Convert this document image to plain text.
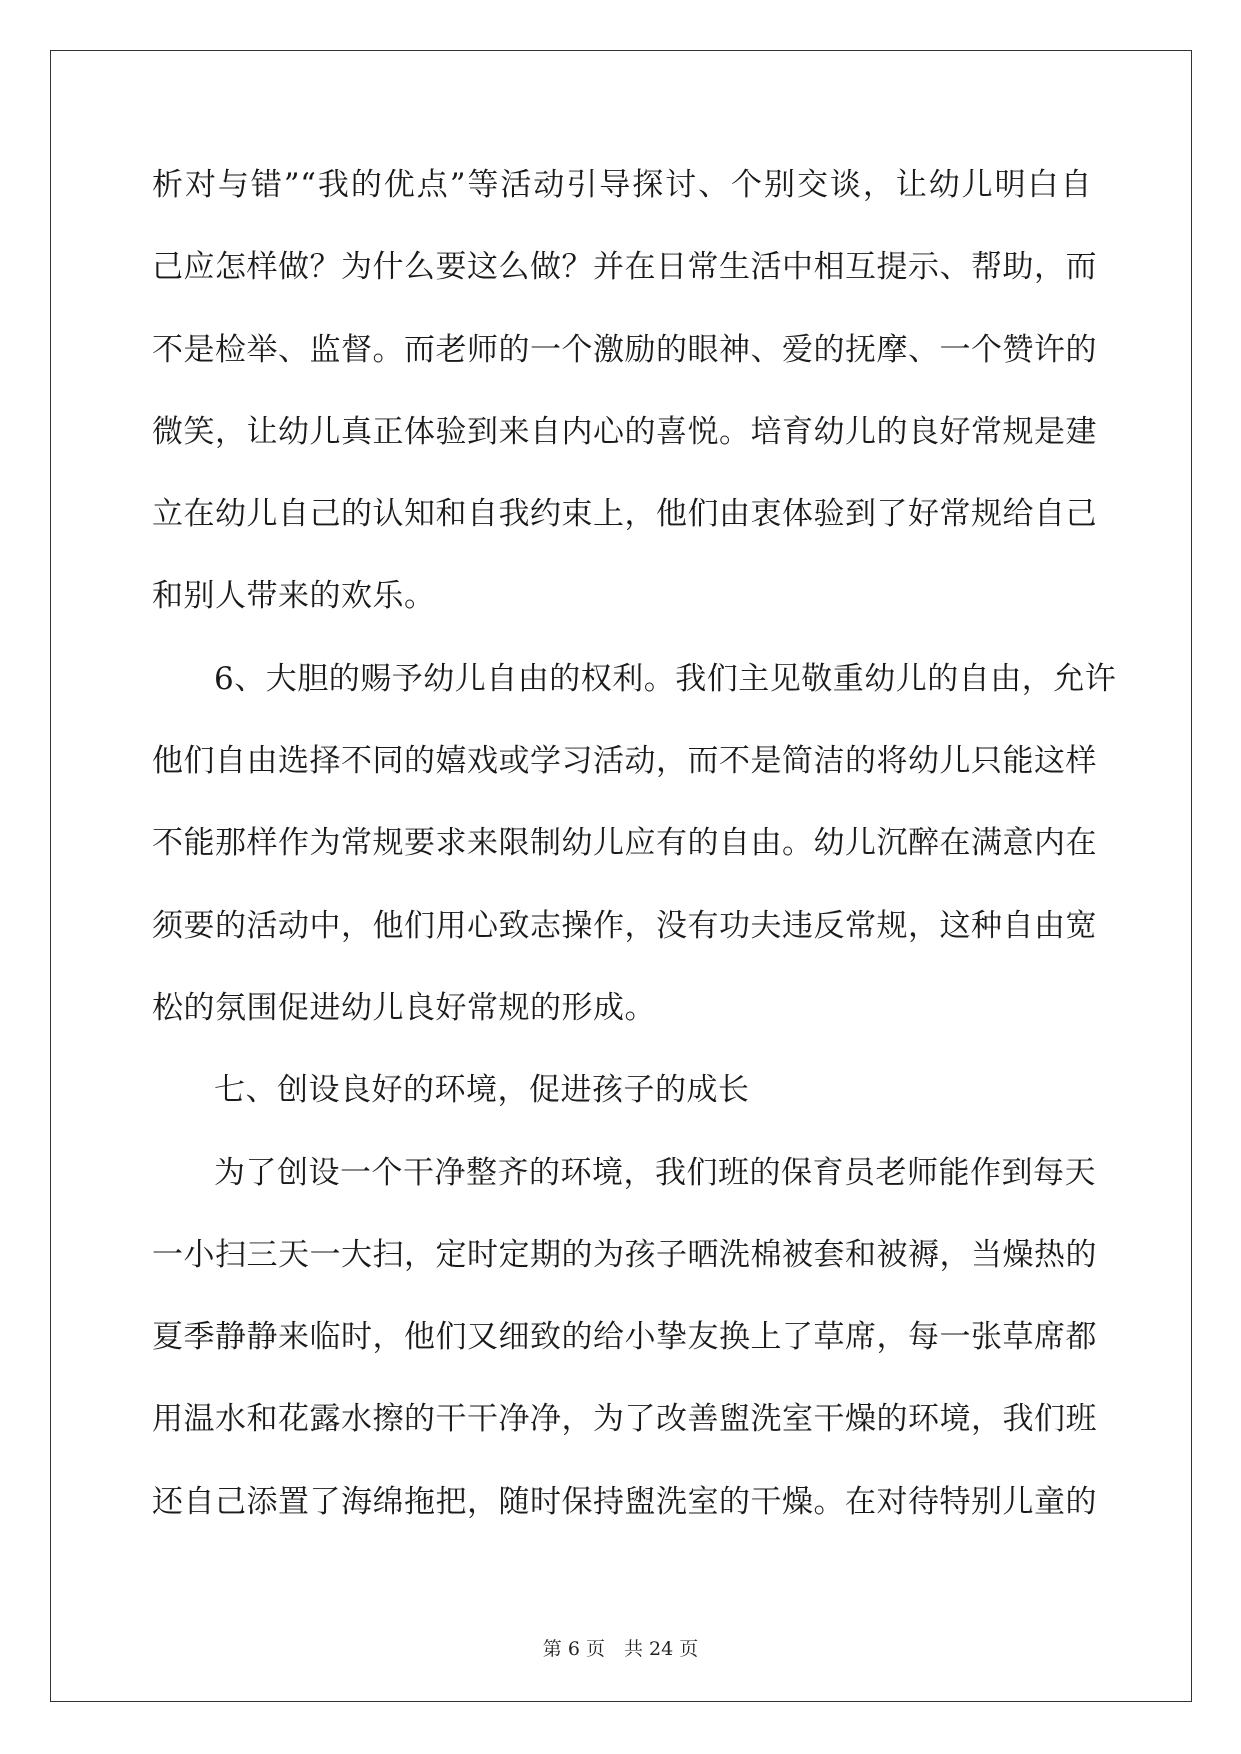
析对与错”“我的优点”等活动引导探讨、个别交谈，让幼儿明白自
己应怎样做？为什么要这么做？并在日常生活中相互提示、帮助，而
不是检举、监督。而老师的一个激励的眼神、爱的抚摩、一个赞许的
微笑，让幼儿真正体验到来自内心的喜悦。培育幼儿的良好常规是建
立在幼儿自己的认知和自我约束上，他们由衷体验到了好常规给自己
和别人带来的欢乐。
6、大胆的赐予幼儿自由的权利。我们主见敬重幼儿的自由，允许
他们自由选择不同的嬉戏或学习活动，而不是简洁的将幼儿只能这样
不能那样作为常规要求来限制幼儿应有的自由。幼儿沉醉在满意内在
须要的活动中，他们用心致志操作，没有功夫违反常规，这种自由宽
松的氛围促进幼儿良好常规的形成。
七、创设良好的环境，促进孩子的成长
为了创设一个干净整齐的环境，我们班的保育员老师能作到每天
一小扫三天一大扫，定时定期的为孩子晒洗棉被套和被褥，当燥热的
夏季静静来临时，他们又细致的给小挚友换上了草席，每一张草席都
用温水和花露水擦的干干净净，为了改善盥洗室干燥的环境，我们班
还自己添置了海绵拖把，随时保持盥洗室的干燥。在对待特别儿童的
第 6 页　共 24 页
